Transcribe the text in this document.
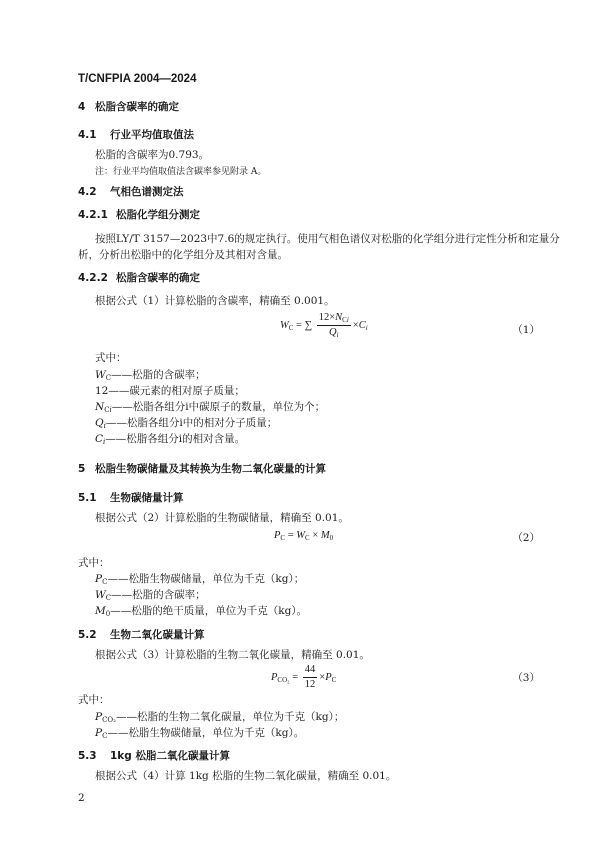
T/CNFPIA 2004—2024
4 松脂含碳率的确定
4.1 行业平均值取值法
松脂的含碳率为0.793。
注：行业平均值取值法含碳率参见附录 A。
4.2 气相色谱测定法
4.2.1 松脂化学组分测定
按照LY/T 3157—2023中7.6的规定执行。使用气相色谱仪对松脂的化学组分进行定性分析和定量分
析，分析出松脂中的化学组分及其相对含量。
4.2.2 松脂含碳率的确定
根据公式（1）计算松脂的含碳率，精确至 0.001。
$W_C$ = ∑ $\frac{12\times N_{Ci}}{Q_i} \times C_i$	（1）
式中：
$W_C——$松脂的含碳率；
12——碳元素的相对原子质量；
$N_{Ci}——$松脂各组分i中碳原子的数量，单位为个；
$Q_i——$松脂各组分i中的相对分子质量；
$C_i——$松脂各组分i的相对含量。
5 松脂生物碳储量及其转换为生物二氧化碳量的计算
5.1 生物碳储量计算
根据公式（2）计算松脂的生物碳储量，精确至 0.01。
$P_C = W_C \times M_0$	（2）
式中：
$P_C——$松脂生物碳储量，单位为千克（kg）；
$W_C——$松脂的含碳率；
$M_0——$松脂的绝干质量，单位为千克（kg）。
5.2 生物二氧化碳量计算
根据公式（3）计算松脂的生物二氧化碳量，精确至 0.01。
$P_{CO_2} = \frac{44}{12} \times P_C$	（3）
式中：
$P_{CO_2}——$松脂的生物二氧化碳量，单位为千克（kg）；
$P_C——$松脂生物碳储量，单位为千克（kg）。
5.3 1kg 松脂二氧化碳量计算
根据公式（4）计算 1kg 松脂的生物二氧化碳量，精确至 0.01。
2
